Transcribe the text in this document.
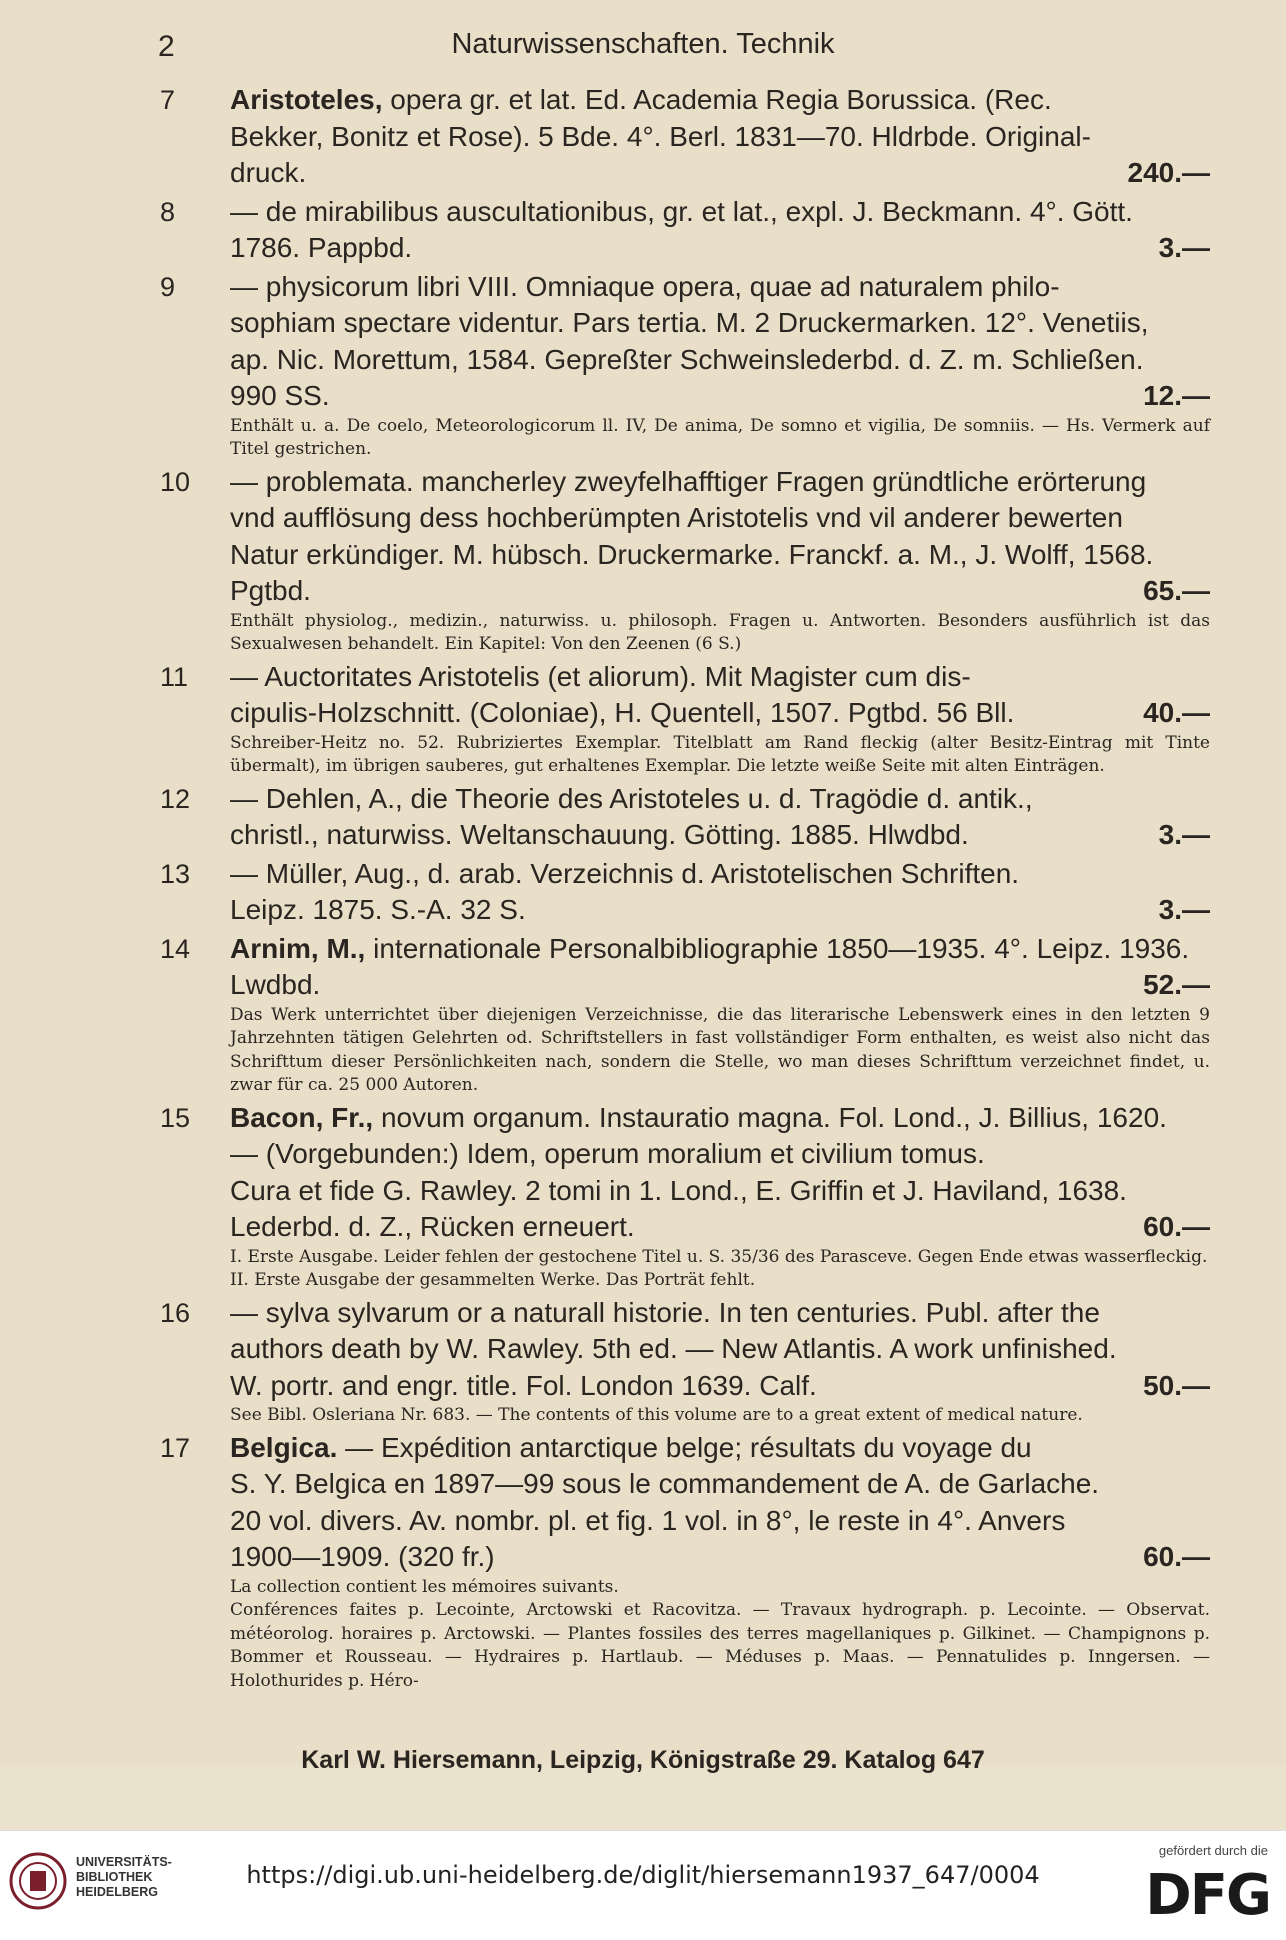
2	Naturwissenschaften. Technik
7	Aristoteles, opera gr. et lat. Ed. Academia Regia Borussica. (Rec.
Bekker, Bonitz et Rose). 5 Bde. 4°. Berl. 1831—70. Hldrbde. Original-
druck.	240.—
8	— de mirabilibus auscultationibus, gr. et lat., expl. J. Beckmann. 4°. Gött.
1786. Pappbd.	3.—
9	— physicorum libri VIII. Omniaque opera, quae ad naturalem philo-
sophiam spectare videntur. Pars tertia. M. 2 Druckermarken. 12°. Venetiis,
ap. Nic. Morettum, 1584. Gepreßter Schweinslederbd. d. Z. m. Schließen.
990 SS.	12.—
Enthält u. a. De coelo, Meteorologicorum ll. IV, De anima, De somno et vigilia, De somniis. — Hs. Vermerk auf Titel gestrichen.
10	— problemata. mancherley zweyfelhafftiger Fragen gründtliche erörterung
vnd aufflösung dess hochberümpten Aristotelis vnd vil anderer bewerten
Natur erkündiger. M. hübsch. Druckermarke. Franckf. a. M., J. Wolff, 1568.
Pgtbd.	65.—
Enthält physiolog., medizin., naturwiss. u. philosoph. Fragen u. Antworten. Besonders ausführlich ist das Sexualwesen behandelt. Ein Kapitel: Von den Zeenen (6 S.)
11	— Auctoritates Aristotelis (et aliorum). Mit Magister cum dis-
cipulis-Holzschnitt. (Coloniae), H. Quentell, 1507. Pgtbd. 56 Bll.	40.—
Schreiber-Heitz no. 52. Rubriziertes Exemplar. Titelblatt am Rand fleckig (alter Besitz-Eintrag mit Tinte übermalt), im übrigen sauberes, gut erhaltenes Exemplar. Die letzte weiße Seite mit alten Einträgen.
12	— Dehlen, A., die Theorie des Aristoteles u. d. Tragödie d. antik.,
christl., naturwiss. Weltanschauung. Götting. 1885. Hlwdbd.	3.—
13	— Müller, Aug., d. arab. Verzeichnis d. Aristotelischen Schriften.
Leipz. 1875. S.-A. 32 S.	3.—
14	Arnim, M., internationale Personalbibliographie 1850—1935. 4°. Leipz. 1936.
Lwdbd.	52.—
Das Werk unterrichtet über diejenigen Verzeichnisse, die das literarische Lebenswerk eines in den letzten 9 Jahrzehnten tätigen Gelehrten od. Schriftstellers in fast vollständiger Form enthalten, es weist also nicht das Schrifttum dieser Persönlichkeiten nach, sondern die Stelle, wo man dieses Schrifttum verzeichnet findet, u. zwar für ca. 25 000 Autoren.
15	Bacon, Fr., novum organum. Instauratio magna. Fol. Lond., J. Billius, 1620.
— (Vorgebunden:) Idem, operum moralium et civilium tomus.
Cura et fide G. Rawley. 2 tomi in 1. Lond., E. Griffin et J. Haviland, 1638.
Lederbd. d. Z., Rücken erneuert.	60.—
I. Erste Ausgabe. Leider fehlen der gestochene Titel u. S. 35/36 des Parasceve. Gegen Ende etwas wasserfleckig.
II. Erste Ausgabe der gesammelten Werke. Das Porträt fehlt.
16	— sylva sylvarum or a naturall historie. In ten centuries. Publ. after the
authors death by W. Rawley. 5th ed. — New Atlantis. A work unfinished.
W. portr. and engr. title. Fol. London 1639. Calf.	50.—
See Bibl. Osleriana Nr. 683. — The contents of this volume are to a great extent of medical nature.
17	Belgica. — Expédition antarctique belge; résultats du voyage du
S. Y. Belgica en 1897—99 sous le commandement de A. de Garlache.
20 vol. divers. Av. nombr. pl. et fig. 1 vol. in 8°, le reste in 4°. Anvers
1900—1909. (320 fr.)	60.—
La collection contient les mémoires suivants.
Conférences faites p. Lecointe, Arctowski et Racovitza. — Travaux hydrograph. p. Lecointe. — Observat. météorolog. horaires p. Arctowski. — Plantes fossiles des terres magellaniques p. Gilkinet. — Champignons p. Bommer et Rousseau. — Hydraires p. Hartlaub. — Méduses p. Maas. — Pennatulides p. Inngersen. — Holothurides p. Héro-
Karl W. Hiersemann, Leipzig, Königstraße 29. Katalog 647
UNIVERSITÄTS-
BIBLIOTHEK
HEIDELBERG
https://digi.ub.uni-heidelberg.de/diglit/hiersemann1937_647/0004
gefördert durch die
DFG
